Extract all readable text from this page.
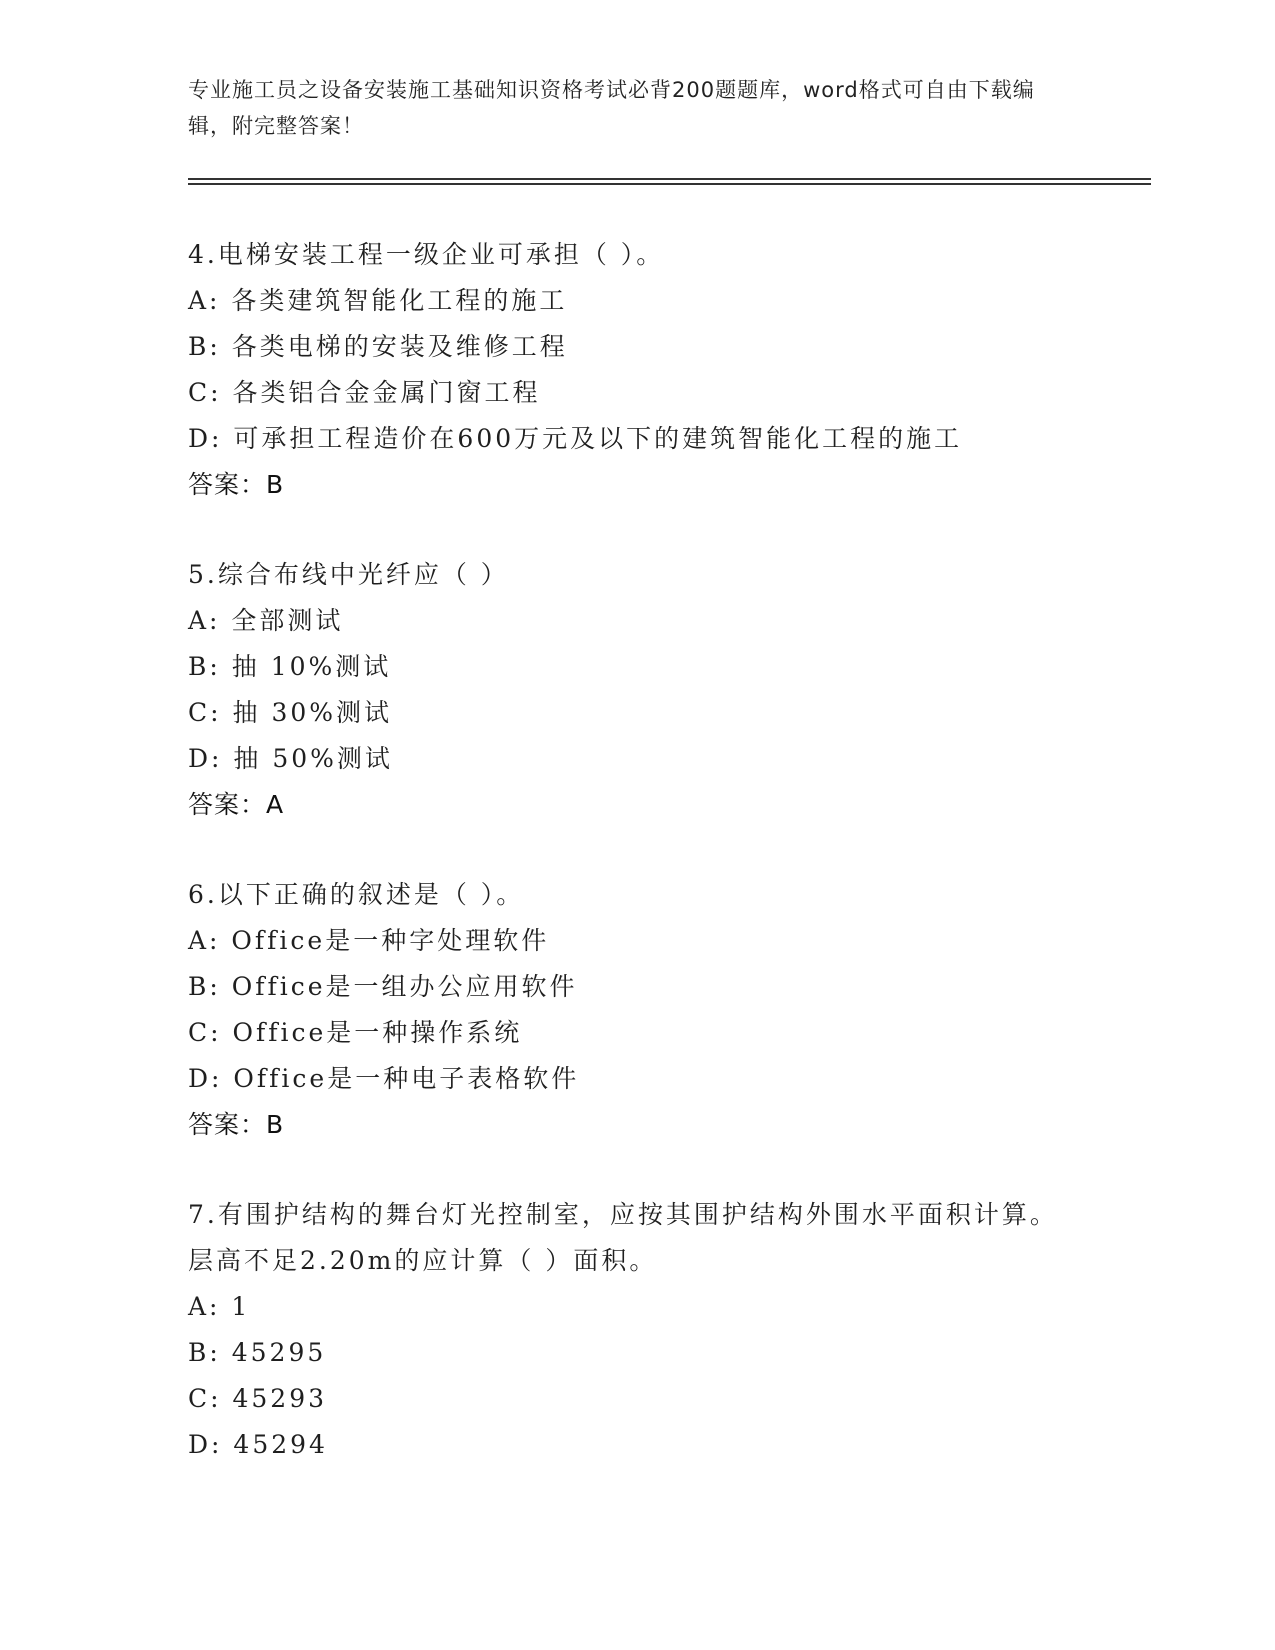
专业施工员之设备安装施工基础知识资格考试必背200题题库，word格式可自由下载编辑，附完整答案！
4.电梯安装工程一级企业可承担（ ）。
A: 各类建筑智能化工程的施工
B: 各类电梯的安装及维修工程
C: 各类铝合金金属门窗工程
D: 可承担工程造价在600万元及以下的建筑智能化工程的施工
答案：B
5.综合布线中光纤应（ ）
A: 全部测试
B: 抽 10%测试
C: 抽 30%测试
D: 抽 50%测试
答案：A
6.以下正确的叙述是（ ）。
A: Office是一种字处理软件
B: Office是一组办公应用软件
C: Office是一种操作系统
D: Office是一种电子表格软件
答案：B
7.有围护结构的舞台灯光控制室，应按其围护结构外围水平面积计算。层高不足2.20m的应计算（ ）面积。
A: 1
B: 45295
C: 45293
D: 45294
